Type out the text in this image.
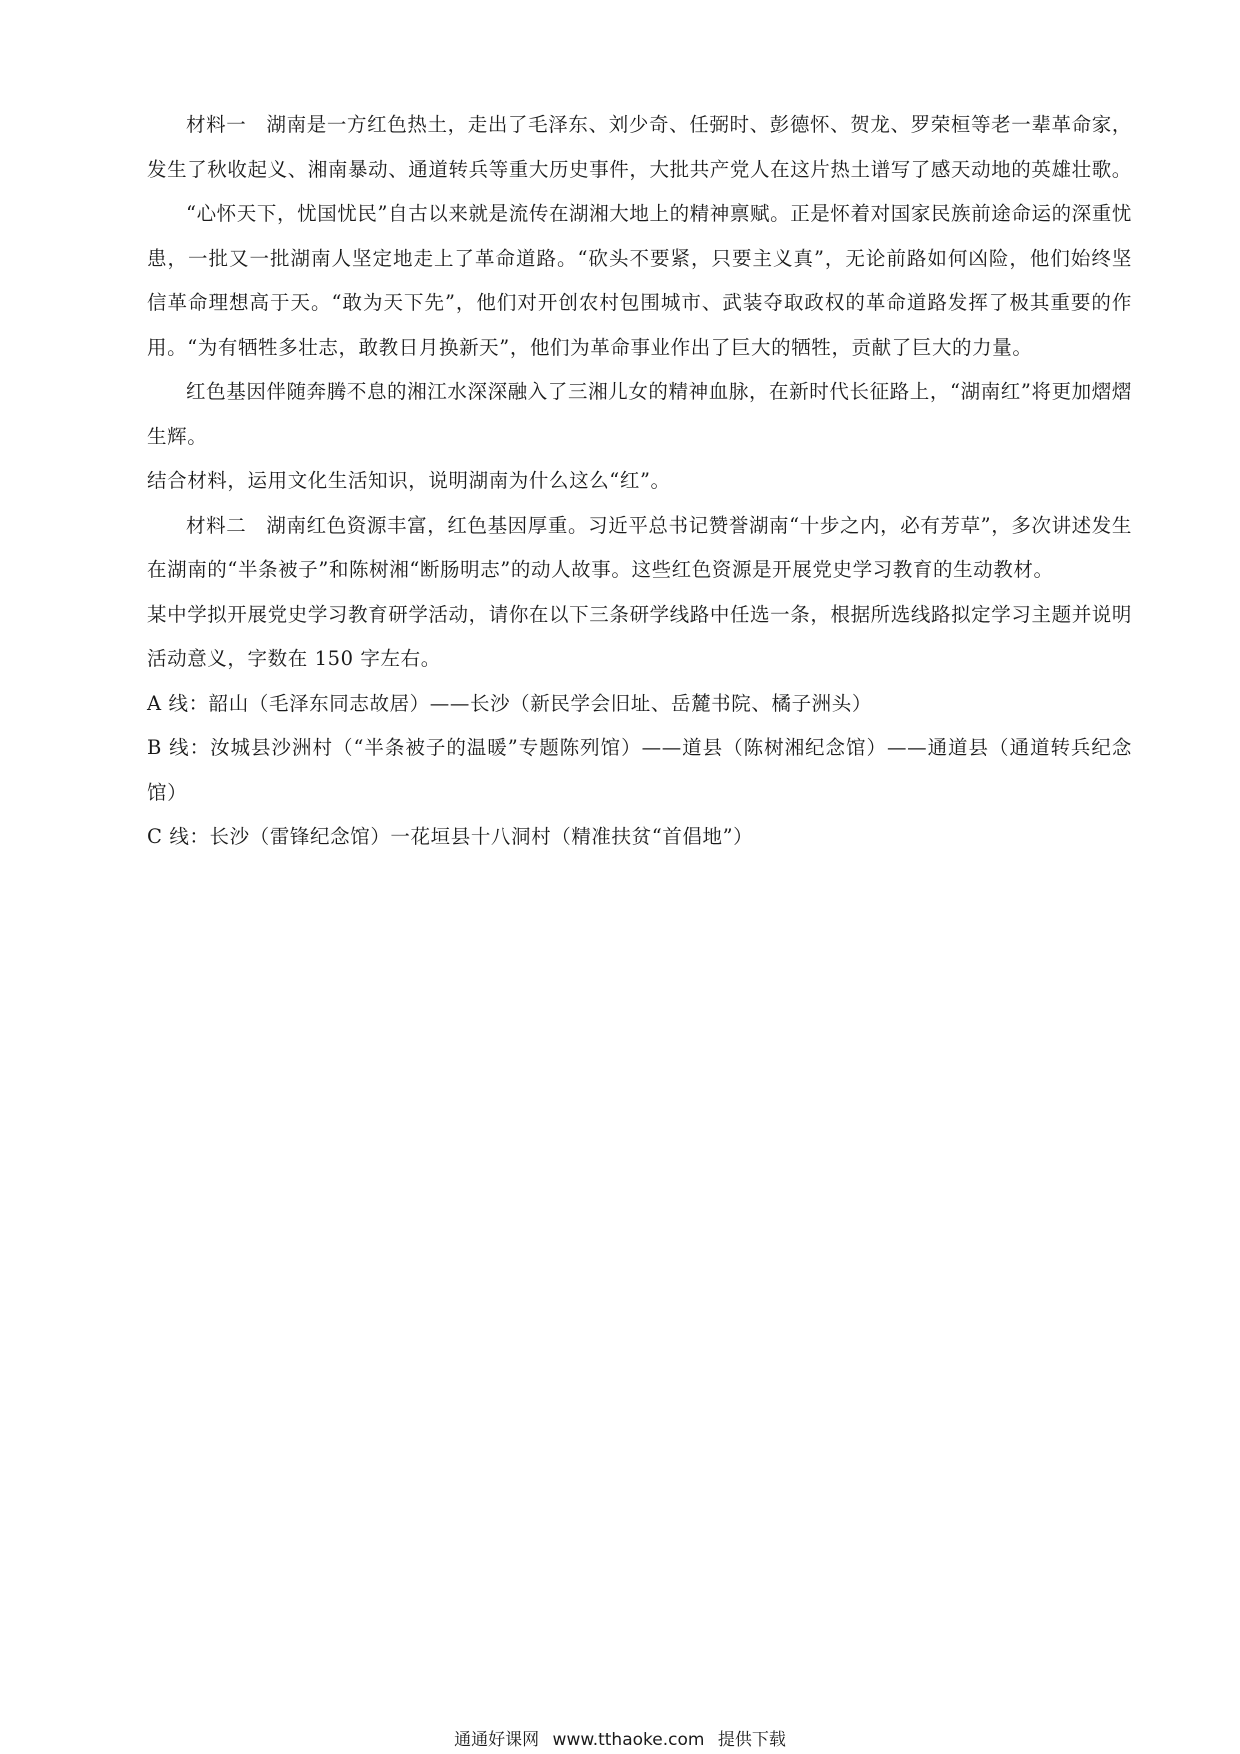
材料一　湖南是一方红色热土，走出了毛泽东、刘少奇、任弼时、彭德怀、贺龙、罗荣桓等老一辈革命家，发生了秋收起义、湘南暴动、通道转兵等重大历史事件，大批共产党人在这片热土谱写了感天动地的英雄壮歌。

“心怀天下，忧国忧民”自古以来就是流传在湖湘大地上的精神禀赋。正是怀着对国家民族前途命运的深重忧患，一批又一批湖南人坚定地走上了革命道路。“砍头不要紧，只要主义真”，无论前路如何凶险，他们始终坚信革命理想高于天。“敢为天下先”，他们对开创农村包围城市、武装夺取政权的革命道路发挥了极其重要的作用。“为有牺牲多壮志，敢教日月换新天”，他们为革命事业作出了巨大的牺牲，贡献了巨大的力量。

红色基因伴随奔腾不息的湘江水深深融入了三湘儿女的精神血脉，在新时代长征路上，“湖南红”将更加熠熠生辉。

结合材料，运用文化生活知识，说明湖南为什么这么“红”。

材料二　湖南红色资源丰富，红色基因厚重。习近平总书记赞誉湖南“十步之内，必有芳草”，多次讲述发生在湖南的“半条被子”和陈树湘“断肠明志”的动人故事。这些红色资源是开展党史学习教育的生动教材。

某中学拟开展党史学习教育研学活动，请你在以下三条研学线路中任选一条，根据所选线路拟定学习主题并说明活动意义，字数在 150 字左右。

A 线：韶山（毛泽东同志故居）——长沙（新民学会旧址、岳麓书院、橘子洲头）

B 线：汝城县沙洲村（“半条被子的温暖”专题陈列馆）——道县（陈树湘纪念馆）——通道县（通道转兵纪念馆）

C 线：长沙（雷锋纪念馆）一花垣县十八洞村（精准扶贫“首倡地”）

通通好课网 www.tthaoke.com 提供下载
